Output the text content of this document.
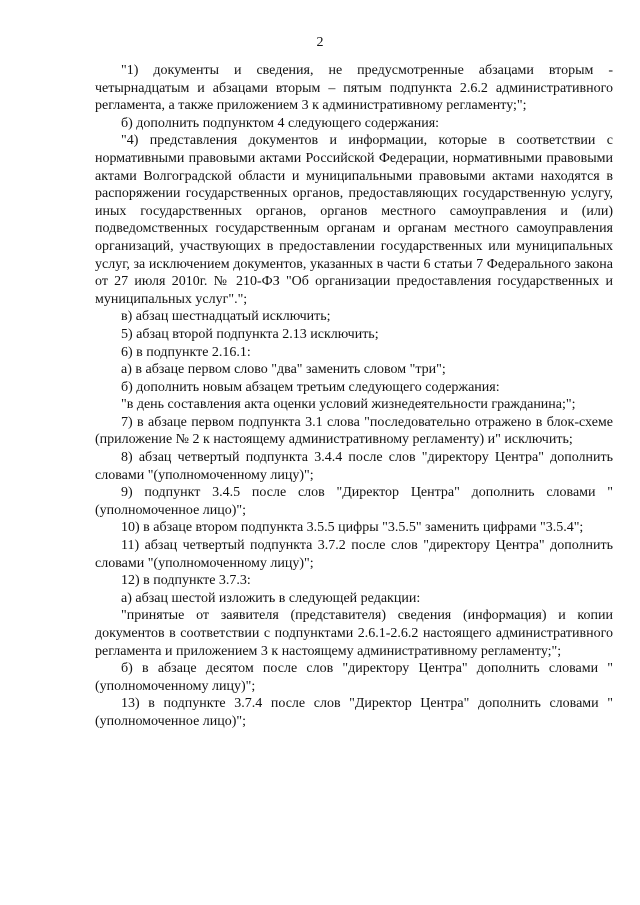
2

"1) документы и сведения, не предусмотренные абзацами вторым - четырнадцатым и абзацами вторым – пятым подпункта 2.6.2 административного регламента, а также приложением 3 к административному регламенту;";

б) дополнить подпунктом 4 следующего содержания:

"4) представления документов и информации, которые в соответствии с нормативными правовыми актами Российской Федерации, нормативными правовыми актами Волгоградской области и муниципальными правовыми актами находятся в распоряжении государственных органов, предоставляющих государственную услугу, иных государственных органов, органов местного самоуправления и (или) подведомственных государственным органам и органам местного самоуправления организаций, участвующих в предоставлении государственных или муниципальных услуг, за исключением документов, указанных в части 6 статьи 7 Федерального закона от 27 июля 2010г. № 210-ФЗ "Об организации предоставления государственных и муниципальных услуг".";

в) абзац шестнадцатый исключить;

5) абзац второй подпункта 2.13 исключить;

6) в подпункте 2.16.1:

а) в абзаце первом слово "два" заменить словом "три";

б) дополнить новым абзацем третьим следующего содержания:

"в день составления акта оценки условий жизнедеятельности гражданина;";

7) в абзаце первом подпункта 3.1 слова "последовательно отражено в блок-схеме (приложение № 2 к настоящему административному регламенту) и" исключить;

8) абзац четвертый подпункта 3.4.4 после слов "директору Центра" дополнить словами "(уполномоченному лицу)";

9) подпункт 3.4.5 после слов "Директор Центра" дополнить словами "(уполномоченное лицо)";

10) в абзаце втором подпункта 3.5.5 цифры "3.5.5" заменить цифрами "3.5.4";

11) абзац четвертый подпункта 3.7.2 после слов "директору Центра" дополнить словами "(уполномоченному лицу)";

12) в подпункте 3.7.3:

а) абзац шестой изложить в следующей редакции:

"принятые от заявителя (представителя) сведения (информация) и копии документов в соответствии с подпунктами 2.6.1-2.6.2 настоящего административного регламента и приложением 3 к настоящему административному регламенту;";

б) в абзаце десятом после слов "директору Центра" дополнить словами "(уполномоченному лицу)";

13) в подпункте 3.7.4 после слов "Директор Центра" дополнить словами "(уполномоченное лицо)";
